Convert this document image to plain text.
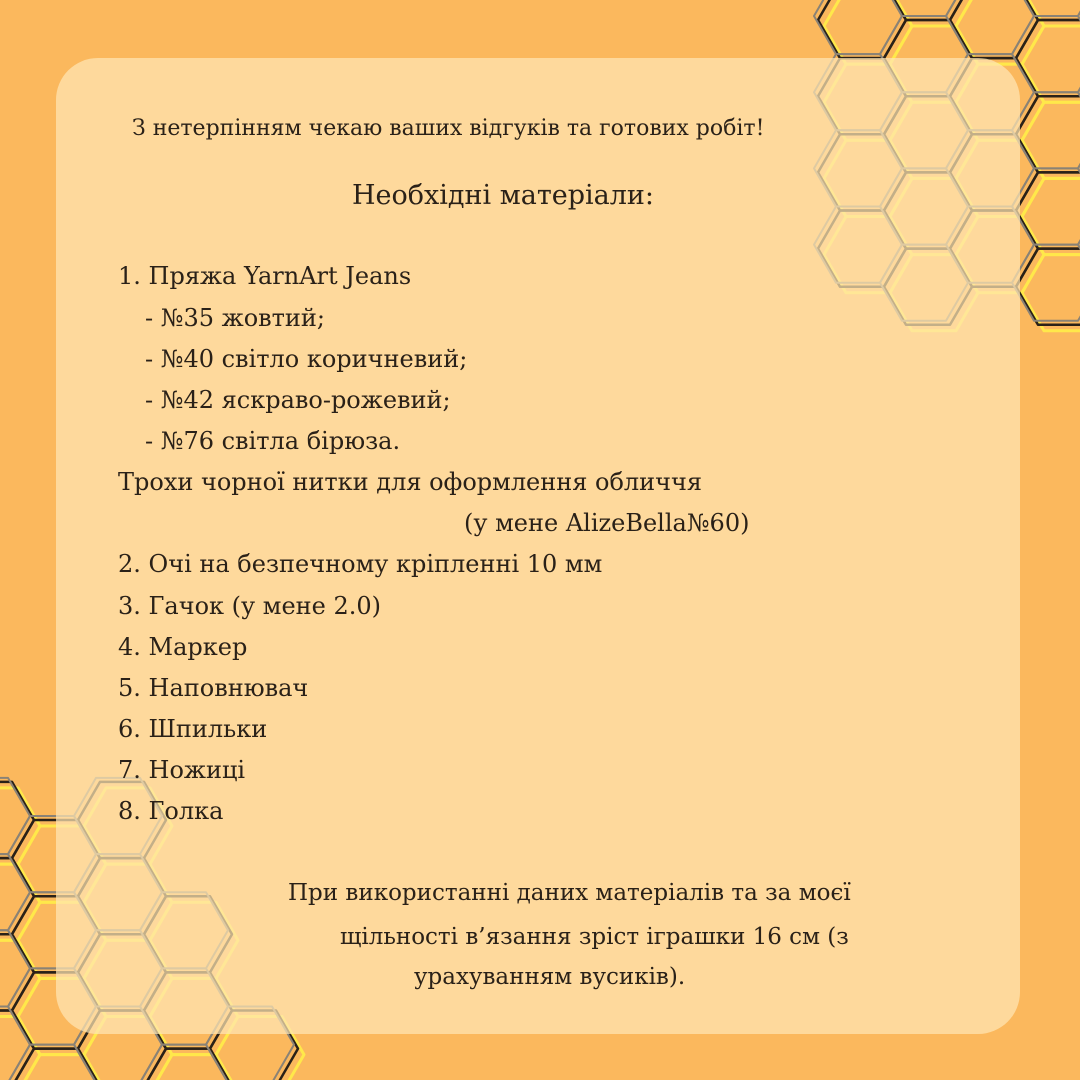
З нетерпінням чекаю ваших відгуків та готових робіт!
Необхідні матеріали:
1. Пряжа YarnArt Jeans
- №35 жовтий;
- №40 світло коричневий;
- №42 яскраво-рожевий;
- №76 світла бірюза.
Трохи чорної нитки для оформлення обличчя
(у мене AlizeBella№60)
2. Очі на безпечному кріпленні 10 мм
3. Гачок (у мене 2.0)
4. Маркер
5. Наповнювач
6. Шпильки
7. Ножиці
8. Голка
При використанні даних матеріалів та за моєї
щільності в’язання зріст іграшки 16 см (з
урахуванням вусиків).
